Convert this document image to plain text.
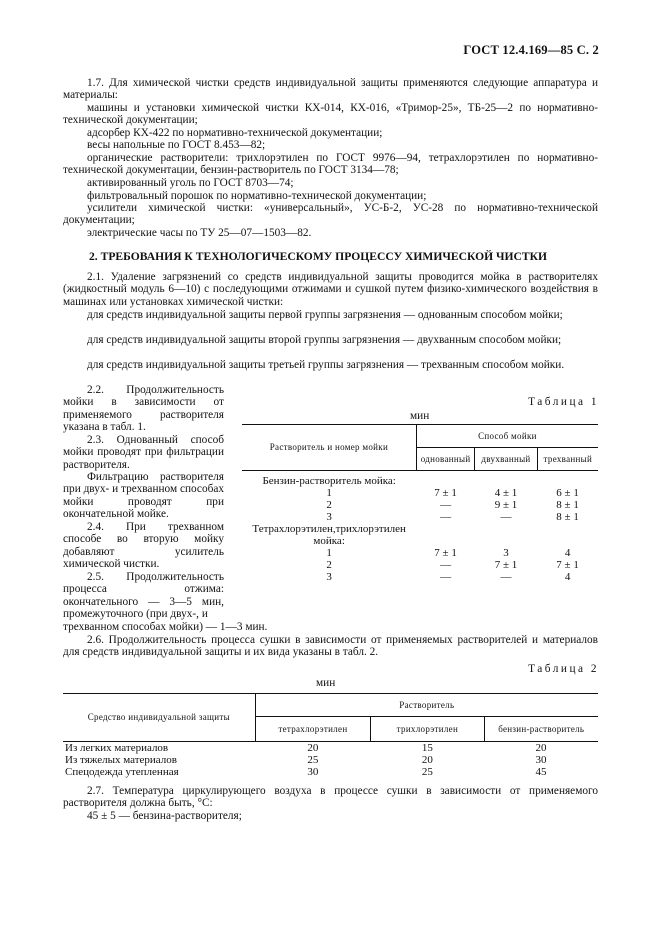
ГОСТ 12.4.169—85 С. 2
1.7. Для химической чистки средств индивидуальной защиты применяются следующие аппаратура и материалы:
машины и установки химической чистки КХ-014, КХ-016, «Тримор-25», ТБ-25—2 по нормативно-технической документации;
адсорбер КХ-422 по нормативно-технической документации;
весы напольные по ГОСТ 8.453—82;
органические растворители: трихлорэтилен по ГОСТ 9976—94, тетрахлорэтилен по нормативно-технической документации, бензин-растворитель по ГОСТ 3134—78;
активированный уголь по ГОСТ 8703—74;
фильтровальный порошок по нормативно-технической документации;
усилители химической чистки: «универсальный», УС-Б-2, УС-28 по нормативно-технической документации;
электрические часы по ТУ 25—07—1503—82.
2. ТРЕБОВАНИЯ К ТЕХНОЛОГИЧЕСКОМУ ПРОЦЕССУ ХИМИЧЕСКОЙ ЧИСТКИ
2.1. Удаление загрязнений со средств индивидуальной защиты проводится мойка в растворителях (жидкостный модуль 6—10) с последующими отжимами и сушкой путем физико-химического воздействия в машинах или установках химической чистки:
для средств индивидуальной защиты первой группы загрязнения — однованным способом мойки;
для средств индивидуальной защиты второй группы загрязнения — двухванным способом мойки;
для средств индивидуальной защиты третьей группы загрязнения — трехванным способом мойки.
2.2. Продолжительность мойки в зависимости от применяемого растворителя указана в табл. 1.
2.3. Однованный способ мойки проводят при фильтрации растворителя.
Фильтрацию растворителя при двух- и трехванном способах мойки проводят при окончательной мойке.
2.4. При трехванном способе во вторую мойку добавляют усилитель химической чистки.
2.5. Продолжительность процесса отжима: окончательного — 3—5 мин, промежуточного (при двух-, и
трехванном способах мойки) — 1—3 мин.
Таблица 1
мин
Растворитель и номер мойки	Способ мойки		
	однованный	двухванный	трехванный
Бензин-растворитель мойка:			
1	7 ± 1	4 ± 1	6 ± 1
2	—	9 ± 1	8 ± 1
3	—	—	8 ± 1
Тетрахлорэтилен,трихлорэтилен мойка:			
1	7 ± 1	3	4
2	—	7 ± 1	7 ± 1
3	—	—	4
2.6. Продолжительность процесса сушки в зависимости от применяемых растворителей и материалов для средств индивидуальной защиты и их вида указаны в табл. 2.
Таблица 2
мин
Средство индивидуальной защиты	Растворитель		
	тетрахлорэтилен	трихлорэтилен	бензин-растворитель
Из легких материалов	20	15	20
Из тяжелых материалов	25	20	30
Спецодежда утепленная	30	25	45
2.7. Температура циркулирующего воздуха в процессе сушки в зависимости от применяемого растворителя должна быть, °С:
45 ± 5 — бензина-растворителя;
